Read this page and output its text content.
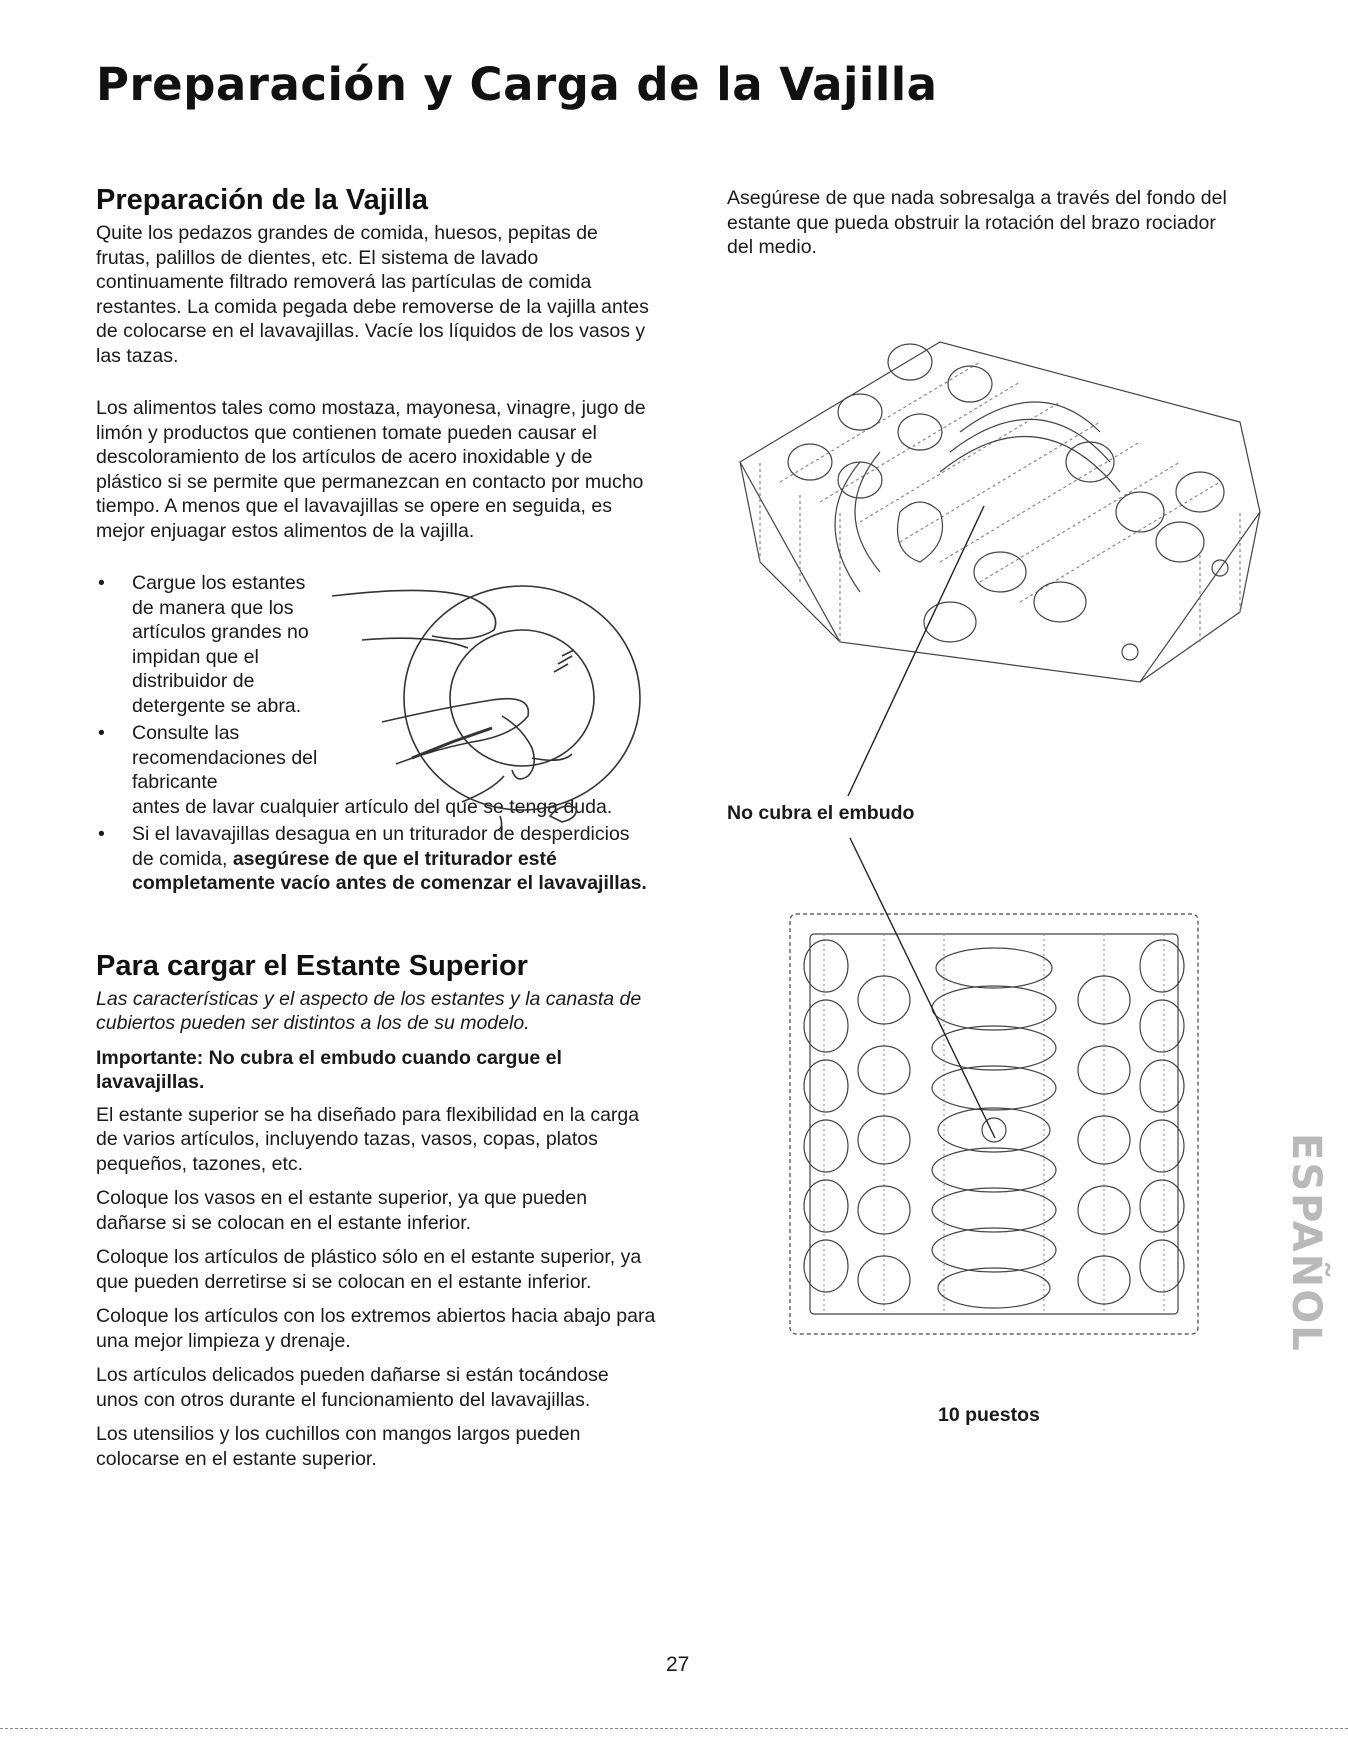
Preparación y Carga de la Vajilla
Preparación de la Vajilla

Quite los pedazos grandes de comida, huesos, pepitas de frutas, palillos de dientes, etc. El sistema de lavado continuamente filtrado removerá las partículas de comida restantes. La comida pegada debe removerse de la vajilla antes de colocarse en el lavavajillas. Vacíe los líquidos de los vasos y las tazas.

Los alimentos tales como mostaza, mayonesa, vinagre, jugo de limón y productos que contienen tomate pueden causar el descoloramiento de los artículos de acero inoxidable y de plástico si se permite que permanezcan en contacto por mucho tiempo. A menos que el lavavajillas se opere en seguida, es mejor enjuagar estos alimentos de la vajilla.

• Cargue los estantes de manera que los artículos grandes no impidan que el distribuidor de detergente se abra.
• Consulte las recomendaciones del fabricante
antes de lavar cualquier artículo del que se tenga duda.
• Si el lavavajillas desagua en un triturador de desperdicios de comida, asegúrese de que el triturador esté completamente vacío antes de comenzar el lavavajillas.
Para cargar el Estante Superior

Las características y el aspecto de los estantes y la canasta de cubiertos pueden ser distintos a los de su modelo.

Importante: No cubra el embudo cuando cargue el lavavajillas.

El estante superior se ha diseñado para flexibilidad en la carga de varios artículos, incluyendo tazas, vasos, copas, platos pequeños, tazones, etc.

Coloque los vasos en el estante superior, ya que pueden dañarse si se colocan en el estante inferior.

Coloque los artículos de plástico sólo en el estante superior, ya que pueden derretirse si se colocan en el estante inferior.

Coloque los artículos con los extremos abiertos hacia abajo para una mejor limpieza y drenaje.

Los artículos delicados pueden dañarse si están tocándose unos con otros durante el funcionamiento del lavavajillas.

Los utensilios y los cuchillos con mangos largos pueden colocarse en el estante superior.

Asegúrese de que nada sobresalga a través del fondo del estante que pueda obstruir la rotación del brazo rociador del medio.

No cubra el embudo
10 puestos
ESPAÑOL
27
